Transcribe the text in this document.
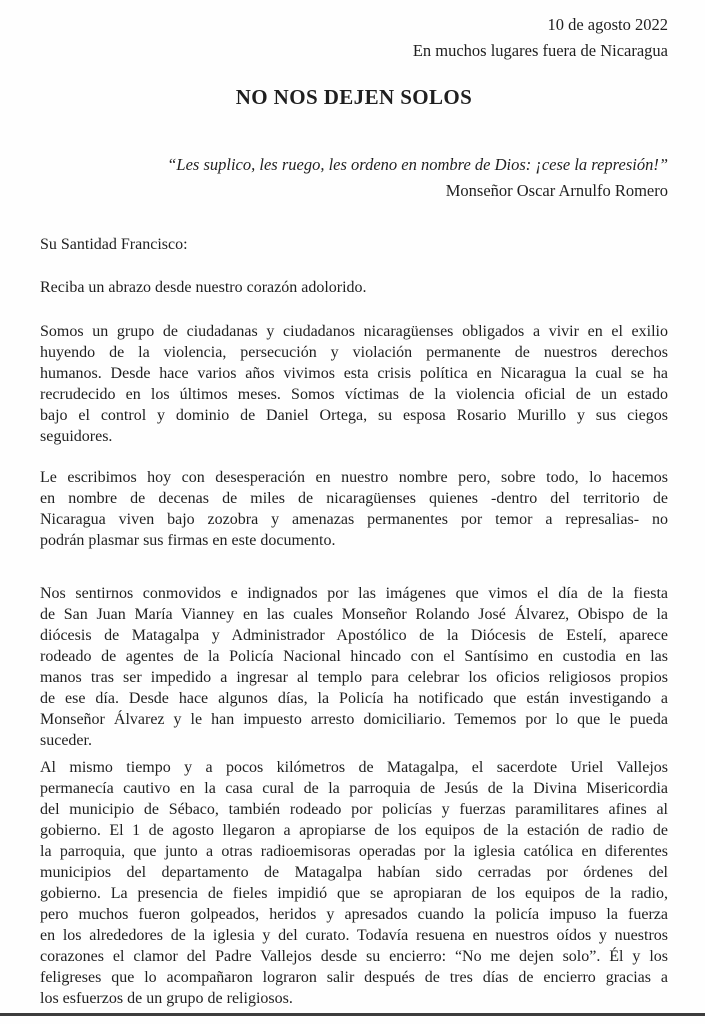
10 de agosto 2022
En muchos lugares fuera de Nicaragua
NO NOS DEJEN SOLOS
“Les suplico, les ruego, les ordeno en nombre de Dios: ¡cese la represión!”
Monseñor Oscar Arnulfo Romero
Su Santidad Francisco:
Reciba un abrazo desde nuestro corazón adolorido.
Somos un grupo de ciudadanas y ciudadanos nicaragüenses obligados a vivir en el exilio
huyendo de la violencia, persecución y violación permanente de nuestros derechos
humanos. Desde hace varios años vivimos esta crisis política en Nicaragua la cual se ha
recrudecido en los últimos meses. Somos víctimas de la violencia oficial de un estado
bajo el control y dominio de Daniel Ortega, su esposa Rosario Murillo y sus ciegos
seguidores.
Le escribimos hoy con desesperación en nuestro nombre pero, sobre todo, lo hacemos
en nombre de decenas de miles de nicaragüenses quienes -dentro del territorio de
Nicaragua viven bajo zozobra y amenazas permanentes por temor a represalias- no
podrán plasmar sus firmas en este documento.
Nos sentirnos conmovidos e indignados por las imágenes que vimos el día de la fiesta
de San Juan María Vianney en las cuales Monseñor Rolando José Álvarez, Obispo de la
diócesis de Matagalpa y Administrador Apostólico de la Diócesis de Estelí, aparece
rodeado de agentes de la Policía Nacional hincado con el Santísimo en custodia en las
manos tras ser impedido a ingresar al templo para celebrar los oficios religiosos propios
de ese día. Desde hace algunos días, la Policía ha notificado que están investigando a
Monseñor Álvarez y le han impuesto arresto domiciliario. Tememos por lo que le pueda
suceder.
Al mismo tiempo y a pocos kilómetros de Matagalpa, el sacerdote Uriel Vallejos
permanecía cautivo en la casa cural de la parroquia de Jesús de la Divina Misericordia
del municipio de Sébaco, también rodeado por policías y fuerzas paramilitares afines al
gobierno. El 1 de agosto llegaron a apropiarse de los equipos de la estación de radio de
la parroquia, que junto a otras radioemisoras operadas por la iglesia católica en diferentes
municipios del departamento de Matagalpa habían sido cerradas por órdenes del
gobierno. La presencia de fieles impidió que se apropiaran de los equipos de la radio,
pero muchos fueron golpeados, heridos y apresados cuando la policía impuso la fuerza
en los alrededores de la iglesia y del curato. Todavía resuena en nuestros oídos y nuestros
corazones el clamor del Padre Vallejos desde su encierro: “No me dejen solo”. Él y los
feligreses que lo acompañaron lograron salir después de tres días de encierro gracias a
los esfuerzos de un grupo de religiosos.
